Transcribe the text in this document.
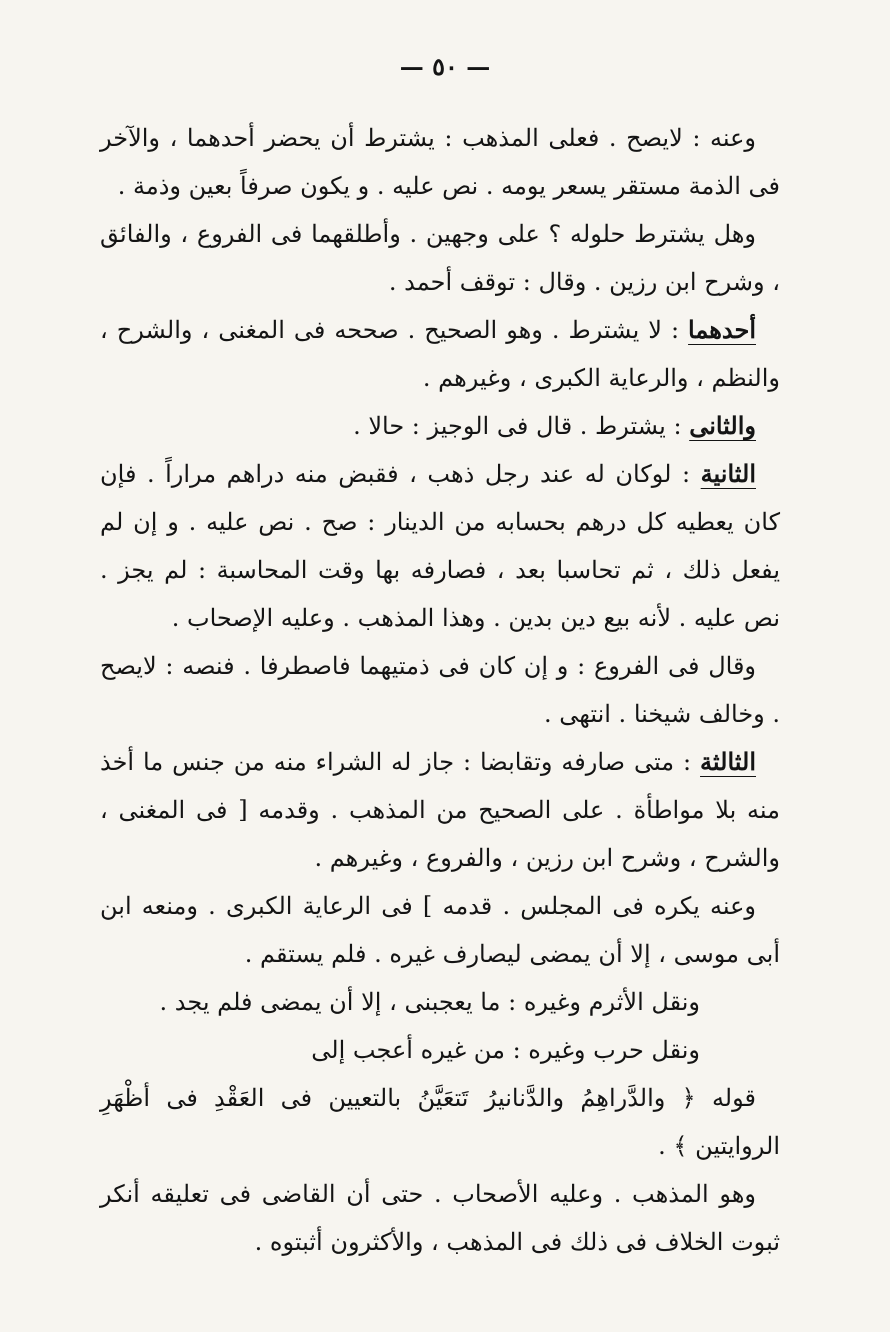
— ٥٠ —

وعنه : لايصح . فعلى المذهب : يشترط أن يحضر أحدهما ، والآخر فى الذمة مستقر يسعر يومه . نص عليه . و يكون صرفاً بعين وذمة .

وهل يشترط حلوله ؟ على وجهين . وأطلقهما فى الفروع ، والفائق ، وشرح ابن رزين . وقال : توقف أحمد .

أحدهما : لا يشترط . وهو الصحيح . صححه فى المغنى ، والشرح ، والنظم ، والرعاية الكبرى ، وغيرهم .

والثانى : يشترط . قال فى الوجيز : حالا .

الثانية : لوكان له عند رجل ذهب ، فقبض منه دراهم مراراً . فإن كان يعطيه كل درهم بحسابه من الدينار : صح . نص عليه . و إن لم يفعل ذلك ، ثم تحاسبا بعد ، فصارفه بها وقت المحاسبة : لم يجز . نص عليه . لأنه بيع دين بدين . وهذا المذهب . وعليه الإصحاب .

وقال فى الفروع : و إن كان فى ذمتيهما فاصطرفا . فنصه : لايصح . وخالف شيخنا . انتهى .

الثالثة : متى صارفه وتقابضا : جاز له الشراء منه من جنس ما أخذ منه بلا مواطأة . على الصحيح من المذهب . وقدمه [ فى المغنى ، والشرح ، وشرح ابن رزين ، والفروع ، وغيرهم .

وعنه يكره فى المجلس . قدمه ] فى الرعاية الكبرى . ومنعه ابن أبى موسى ، إلا أن يمضى ليصارف غيره . فلم يستقم .

ونقل الأثرم وغيره : ما يعجبنى ، إلا أن يمضى فلم يجد .

ونقل حرب وغيره : من غيره أعجب إلى

قوله ﴿ والدَّراهِمُ والدَّنانيرُ تَتعَيَّنُ بالتعيين فى العَقْدِ فى أظْهَرِ الروايتين ﴾ .

وهو المذهب . وعليه الأصحاب . حتى أن القاضى فى تعليقه أنكر ثبوت الخلاف فى ذلك فى المذهب ، والأكثرون أثبتوه .
